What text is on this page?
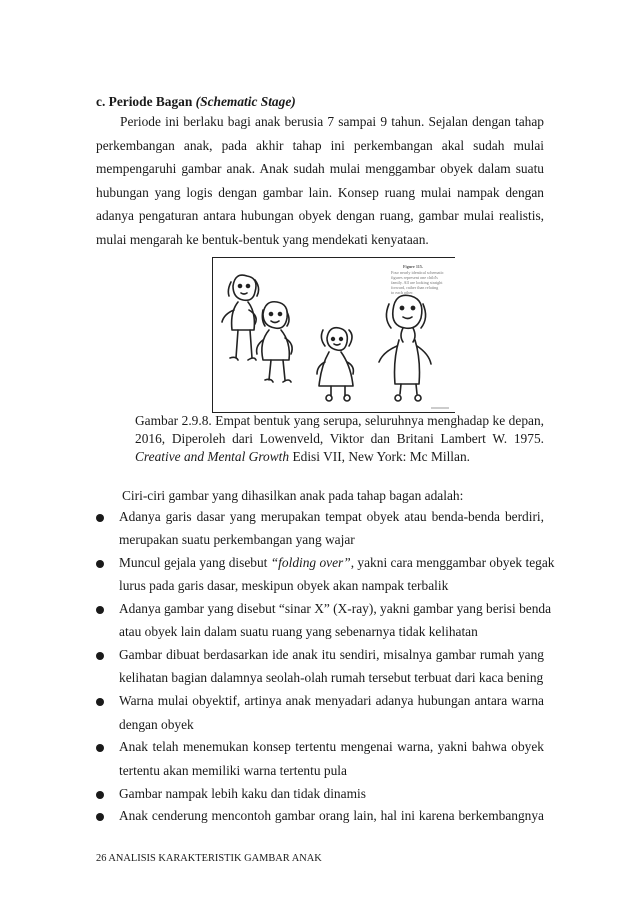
c. Periode Bagan (Schematic Stage)
Periode ini berlaku bagi anak berusia 7 sampai 9 tahun. Sejalan dengan tahap
perkembangan anak, pada akhir tahap ini perkembangan akal sudah mulai
mempengaruhi gambar anak. Anak sudah mulai menggambar obyek dalam suatu
hubungan yang logis dengan gambar lain. Konsep ruang mulai nampak dengan
adanya pengaturan antara hubungan obyek dengan ruang, gambar mulai realistis,
mulai mengarah ke bentuk-bentuk yang mendekati kenyataan.
Figure 115.
Four nearly identical schematic
figures represent one child's
family. All are looking straight
forward, rather than relating
to each other.
Gambar 2.9.8. Empat bentuk yang serupa, seluruhnya menghadap ke depan,
2016, Diperoleh dari Lowenveld, Viktor dan Britani Lambert W. 1975.
Creative and Mental Growth Edisi VII, New York: Mc Millan.
Ciri-ciri gambar yang dihasilkan anak pada tahap bagan adalah:
Adanya garis dasar yang merupakan tempat obyek atau benda-benda berdiri,
merupakan suatu perkembangan yang wajar
Muncul gejala yang disebut “folding over”, yakni cara menggambar obyek tegak
lurus pada garis dasar, meskipun obyek akan nampak terbalik
Adanya gambar yang disebut “sinar X” (X-ray), yakni gambar yang berisi benda
atau obyek lain dalam suatu ruang yang sebenarnya tidak kelihatan
Gambar dibuat berdasarkan ide anak itu sendiri, misalnya gambar rumah yang
kelihatan bagian dalamnya seolah-olah rumah tersebut terbuat dari kaca bening
Warna mulai obyektif, artinya anak menyadari adanya hubungan antara warna
dengan obyek
Anak telah menemukan konsep tertentu mengenai warna, yakni bahwa obyek
tertentu akan memiliki warna tertentu pula
Gambar nampak lebih kaku dan tidak dinamis
Anak cenderung mencontoh gambar orang lain, hal ini karena berkembangnya
26 ANALISIS KARAKTERISTIK GAMBAR ANAK
